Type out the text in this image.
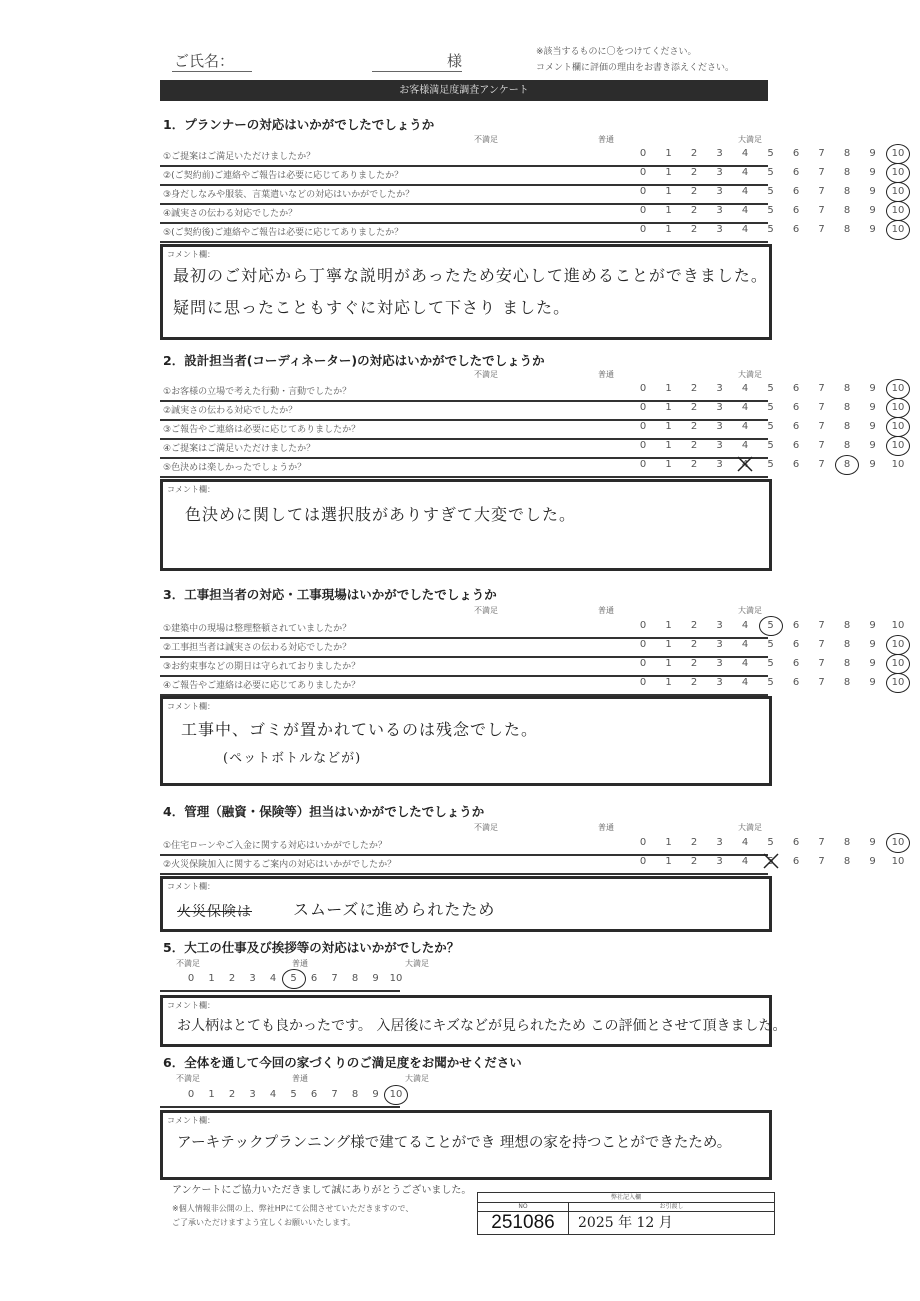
ご氏名：	様	※該当するものに〇をつけてください。
コメント欄に評価の理由をお書き添えください。
お客様満足度調査アンケート
1．プランナーの対応はいかがでしたでしょうか
不満足	普通	大満足
①ご提案はご満足いただけましたか？	0	1	2	3	4	5	6	7	8	9	10
②(ご契約前)ご連絡やご報告は必要に応じてありましたか？	0	1	2	3	4	5	6	7	8	9	10
③身だしなみや服装、言葉遣いなどの対応はいかがでしたか？	0	1	2	3	4	5	6	7	8	9	10
④誠実さの伝わる対応でしたか？	0	1	2	3	4	5	6	7	8	9	10
⑤(ご契約後)ご連絡やご報告は必要に応じてありましたか？	0	1	2	3	4	5	6	7	8	9	10
コメント欄：
最初のご対応から丁寧な説明があったため安心して進めることができました。
疑問に思ったこともすぐに対応して下さり ました。
2．設計担当者(コーディネーター)の対応はいかがでしたでしょうか
不満足	普通	大満足
①お客様の立場で考えた行動・言動でしたか？	0	1	2	3	4	5	6	7	8	9	10
②誠実さの伝わる対応でしたか？	0	1	2	3	4	5	6	7	8	9	10
③ご報告やご連絡は必要に応じてありましたか？	0	1	2	3	4	5	6	7	8	9	10
④ご提案はご満足いただけましたか？	0	1	2	3	4	5	6	7	8	9	10
⑤色決めは楽しかったでしょうか？	0	1	2	3	4	5	6	7	8	9	10
コメント欄：
色決めに関しては選択肢がありすぎて大変でした。
3．工事担当者の対応・工事現場はいかがでしたでしょうか
不満足	普通	大満足
①建築中の現場は整理整頓されていましたか？	0	1	2	3	4	5	6	7	8	9	10
②工事担当者は誠実さの伝わる対応でしたか？	0	1	2	3	4	5	6	7	8	9	10
③お約束事などの期日は守られておりましたか？	0	1	2	3	4	5	6	7	8	9	10
④ご報告やご連絡は必要に応じてありましたか？	0	1	2	3	4	5	6	7	8	9	10
コメント欄：
工事中、ゴミが置かれているのは残念でした。
(ペットボトルなどが)
4．管理（融資・保険等）担当はいかがでしたでしょうか
不満足	普通	大満足
①住宅ローンやご入金に関する対応はいかがでしたか？	0	1	2	3	4	5	6	7	8	9	10
②火災保険加入に関するご案内の対応はいかがでしたか？	0	1	2	3	4	5	6	7	8	9	10
コメント欄：
火災保険は	スムーズに進められたため
5．大工の仕事及び挨拶等の対応はいかがでしたか？
不満足	普通	大満足
0	1	2	3	4	5	6	7	8	9	10
コメント欄：
お人柄はとても良かったです。 入居後にキズなどが見られたため この評価とさせて頂きました。
6．全体を通して今回の家づくりのご満足度をお聞かせください
不満足	普通	大満足
0	1	2	3	4	5	6	7	8	9	10
コメント欄：
アーキテックプランニング様で建てることができ 理想の家を持つことができたため。
アンケートにご協力いただきまして誠にありがとうございました。
※個人情報非公開の上、弊社HPにて公開させていただきますので、
ご了承いただけますよう宜しくお願いいたします。
弊社記入欄
NO	お引渡し
251086	2025 年 12 月
